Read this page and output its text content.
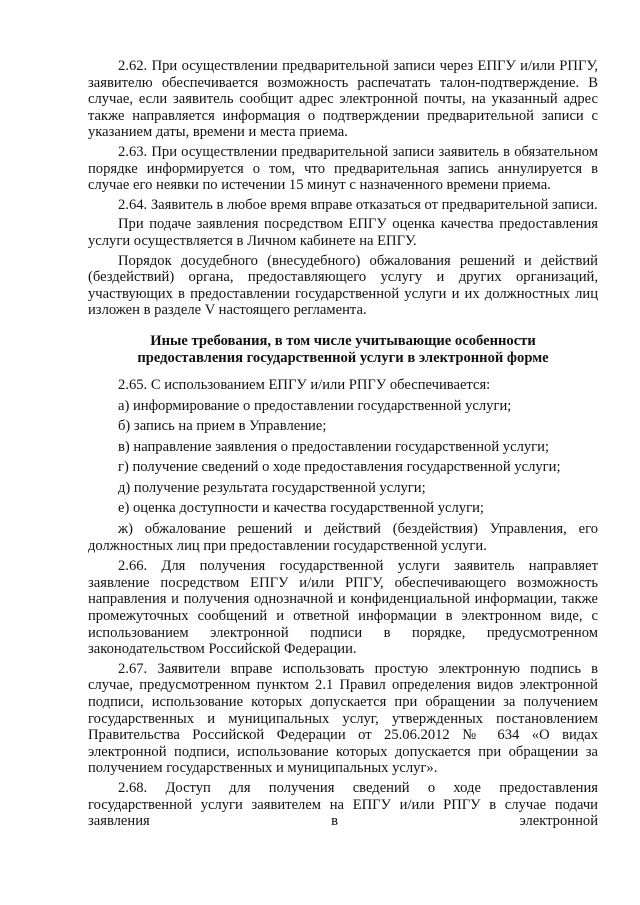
2.62. При осуществлении предварительной записи через ЕПГУ и/или РПГУ, заявителю обеспечивается возможность распечатать талон-подтверждение. В случае, если заявитель сообщит адрес электронной почты, на указанный адрес также направляется информация о подтверждении предварительной записи с указанием даты, времени и места приема.

2.63. При осуществлении предварительной записи заявитель в обязательном порядке информируется о том, что предварительная запись аннулируется в случае его неявки по истечении 15 минут с назначенного времени приема.

2.64. Заявитель в любое время вправе отказаться от предварительной записи.

При подаче заявления посредством ЕПГУ оценка качества предоставления услуги осуществляется в Личном кабинете на ЕПГУ.

Порядок досудебного (внесудебного) обжалования решений и действий (бездействий) органа, предоставляющего услугу и других организаций, участвующих в предоставлении государственной услуги и их должностных лиц изложен в разделе V настоящего регламента.

Иные требования, в том числе учитывающие особенности
предоставления государственной услуги в электронной форме

2.65. С использованием ЕПГУ и/или РПГУ обеспечивается:

а) информирование о предоставлении государственной услуги;

б) запись на прием в Управление;

в) направление заявления о предоставлении государственной услуги;

г) получение сведений о ходе предоставления государственной услуги;

д) получение результата государственной услуги;

е) оценка доступности и качества государственной услуги;

ж) обжалование решений и действий (бездействия) Управления, его должностных лиц при предоставлении государственной услуги.

2.66. Для получения государственной услуги заявитель направляет заявление посредством ЕПГУ и/или РПГУ, обеспечивающего возможность направления и получения однозначной и конфиденциальной информации, также промежуточных сообщений и ответной информации в электронном виде, с использованием электронной подписи в порядке, предусмотренном законодательством Российской Федерации.

2.67. Заявители вправе использовать простую электронную подпись в случае, предусмотренном пунктом 2.1 Правил определения видов электронной подписи, использование которых допускается при обращении за получением государственных и муниципальных услуг, утвержденных постановлением Правительства Российской Федерации от 25.06.2012 № 634 «О видах электронной подписи, использование которых допускается при обращении за получением государственных и муниципальных услуг».

2.68. Доступ для получения сведений о ходе предоставления государственной услуги заявителем на ЕПГУ и/или РПГУ в случае подачи заявления в электронной
